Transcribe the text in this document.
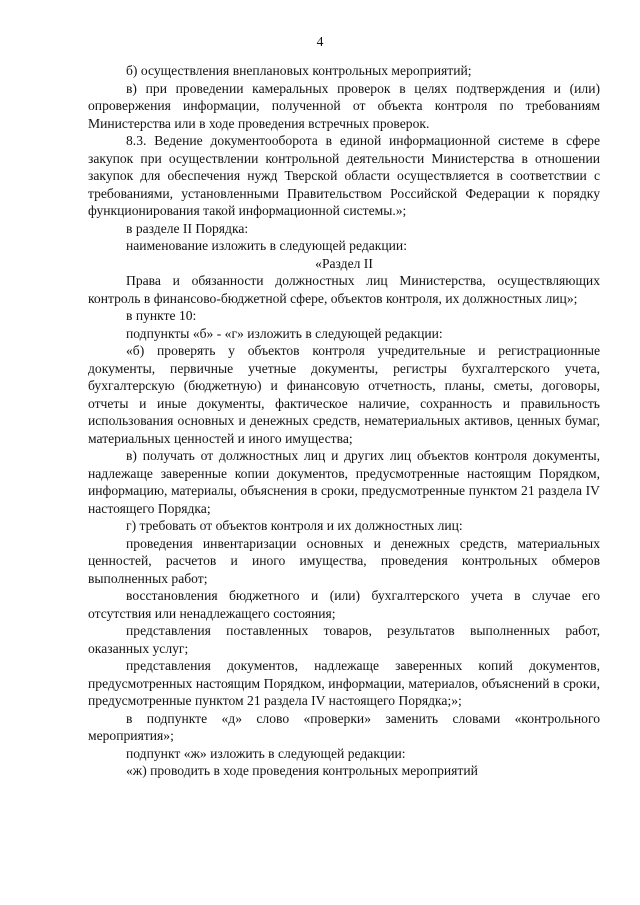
4

б) осуществления внеплановых контрольных мероприятий;

в) при проведении камеральных проверок в целях подтверждения и (или) опровержения информации, полученной от объекта контроля по требованиям Министерства или в ходе проведения встречных проверок.

8.3. Ведение документооборота в единой информационной системе в сфере закупок при осуществлении контрольной деятельности Министерства в отношении закупок для обеспечения нужд Тверской области осуществляется в соответствии с требованиями, установленными Правительством Российской Федерации к порядку функционирования такой информационной системы.»;

в разделе II Порядка:

наименование изложить в следующей редакции:

«Раздел II

Права и обязанности должностных лиц Министерства, осуществляющих контроль в финансово-бюджетной сфере, объектов контроля, их должностных лиц»;

в пункте 10:

подпункты «б» - «г» изложить в следующей редакции:

«б) проверять у объектов контроля учредительные и регистрационные документы, первичные учетные документы, регистры бухгалтерского учета, бухгалтерскую (бюджетную) и финансовую отчетность, планы, сметы, договоры, отчеты и иные документы, фактическое наличие, сохранность и правильность использования основных и денежных средств, нематериальных активов, ценных бумаг, материальных ценностей и иного имущества;

в) получать от должностных лиц и других лиц объектов контроля документы, надлежаще заверенные копии документов, предусмотренные настоящим Порядком, информацию, материалы, объяснения в сроки, предусмотренные пунктом 21 раздела IV настоящего Порядка;

г) требовать от объектов контроля и их должностных лиц:

проведения инвентаризации основных и денежных средств, материальных ценностей, расчетов и иного имущества, проведения контрольных обмеров выполненных работ;

восстановления бюджетного и (или) бухгалтерского учета в случае его отсутствия или ненадлежащего состояния;

представления поставленных товаров, результатов выполненных работ, оказанных услуг;

представления документов, надлежаще заверенных копий документов, предусмотренных настоящим Порядком, информации, материалов, объяснений в сроки, предусмотренные пунктом 21 раздела IV настоящего Порядка;»;

в подпункте «д» слово «проверки» заменить словами «контрольного мероприятия»;

подпункт «ж» изложить в следующей редакции:

«ж) проводить в ходе проведения контрольных мероприятий
